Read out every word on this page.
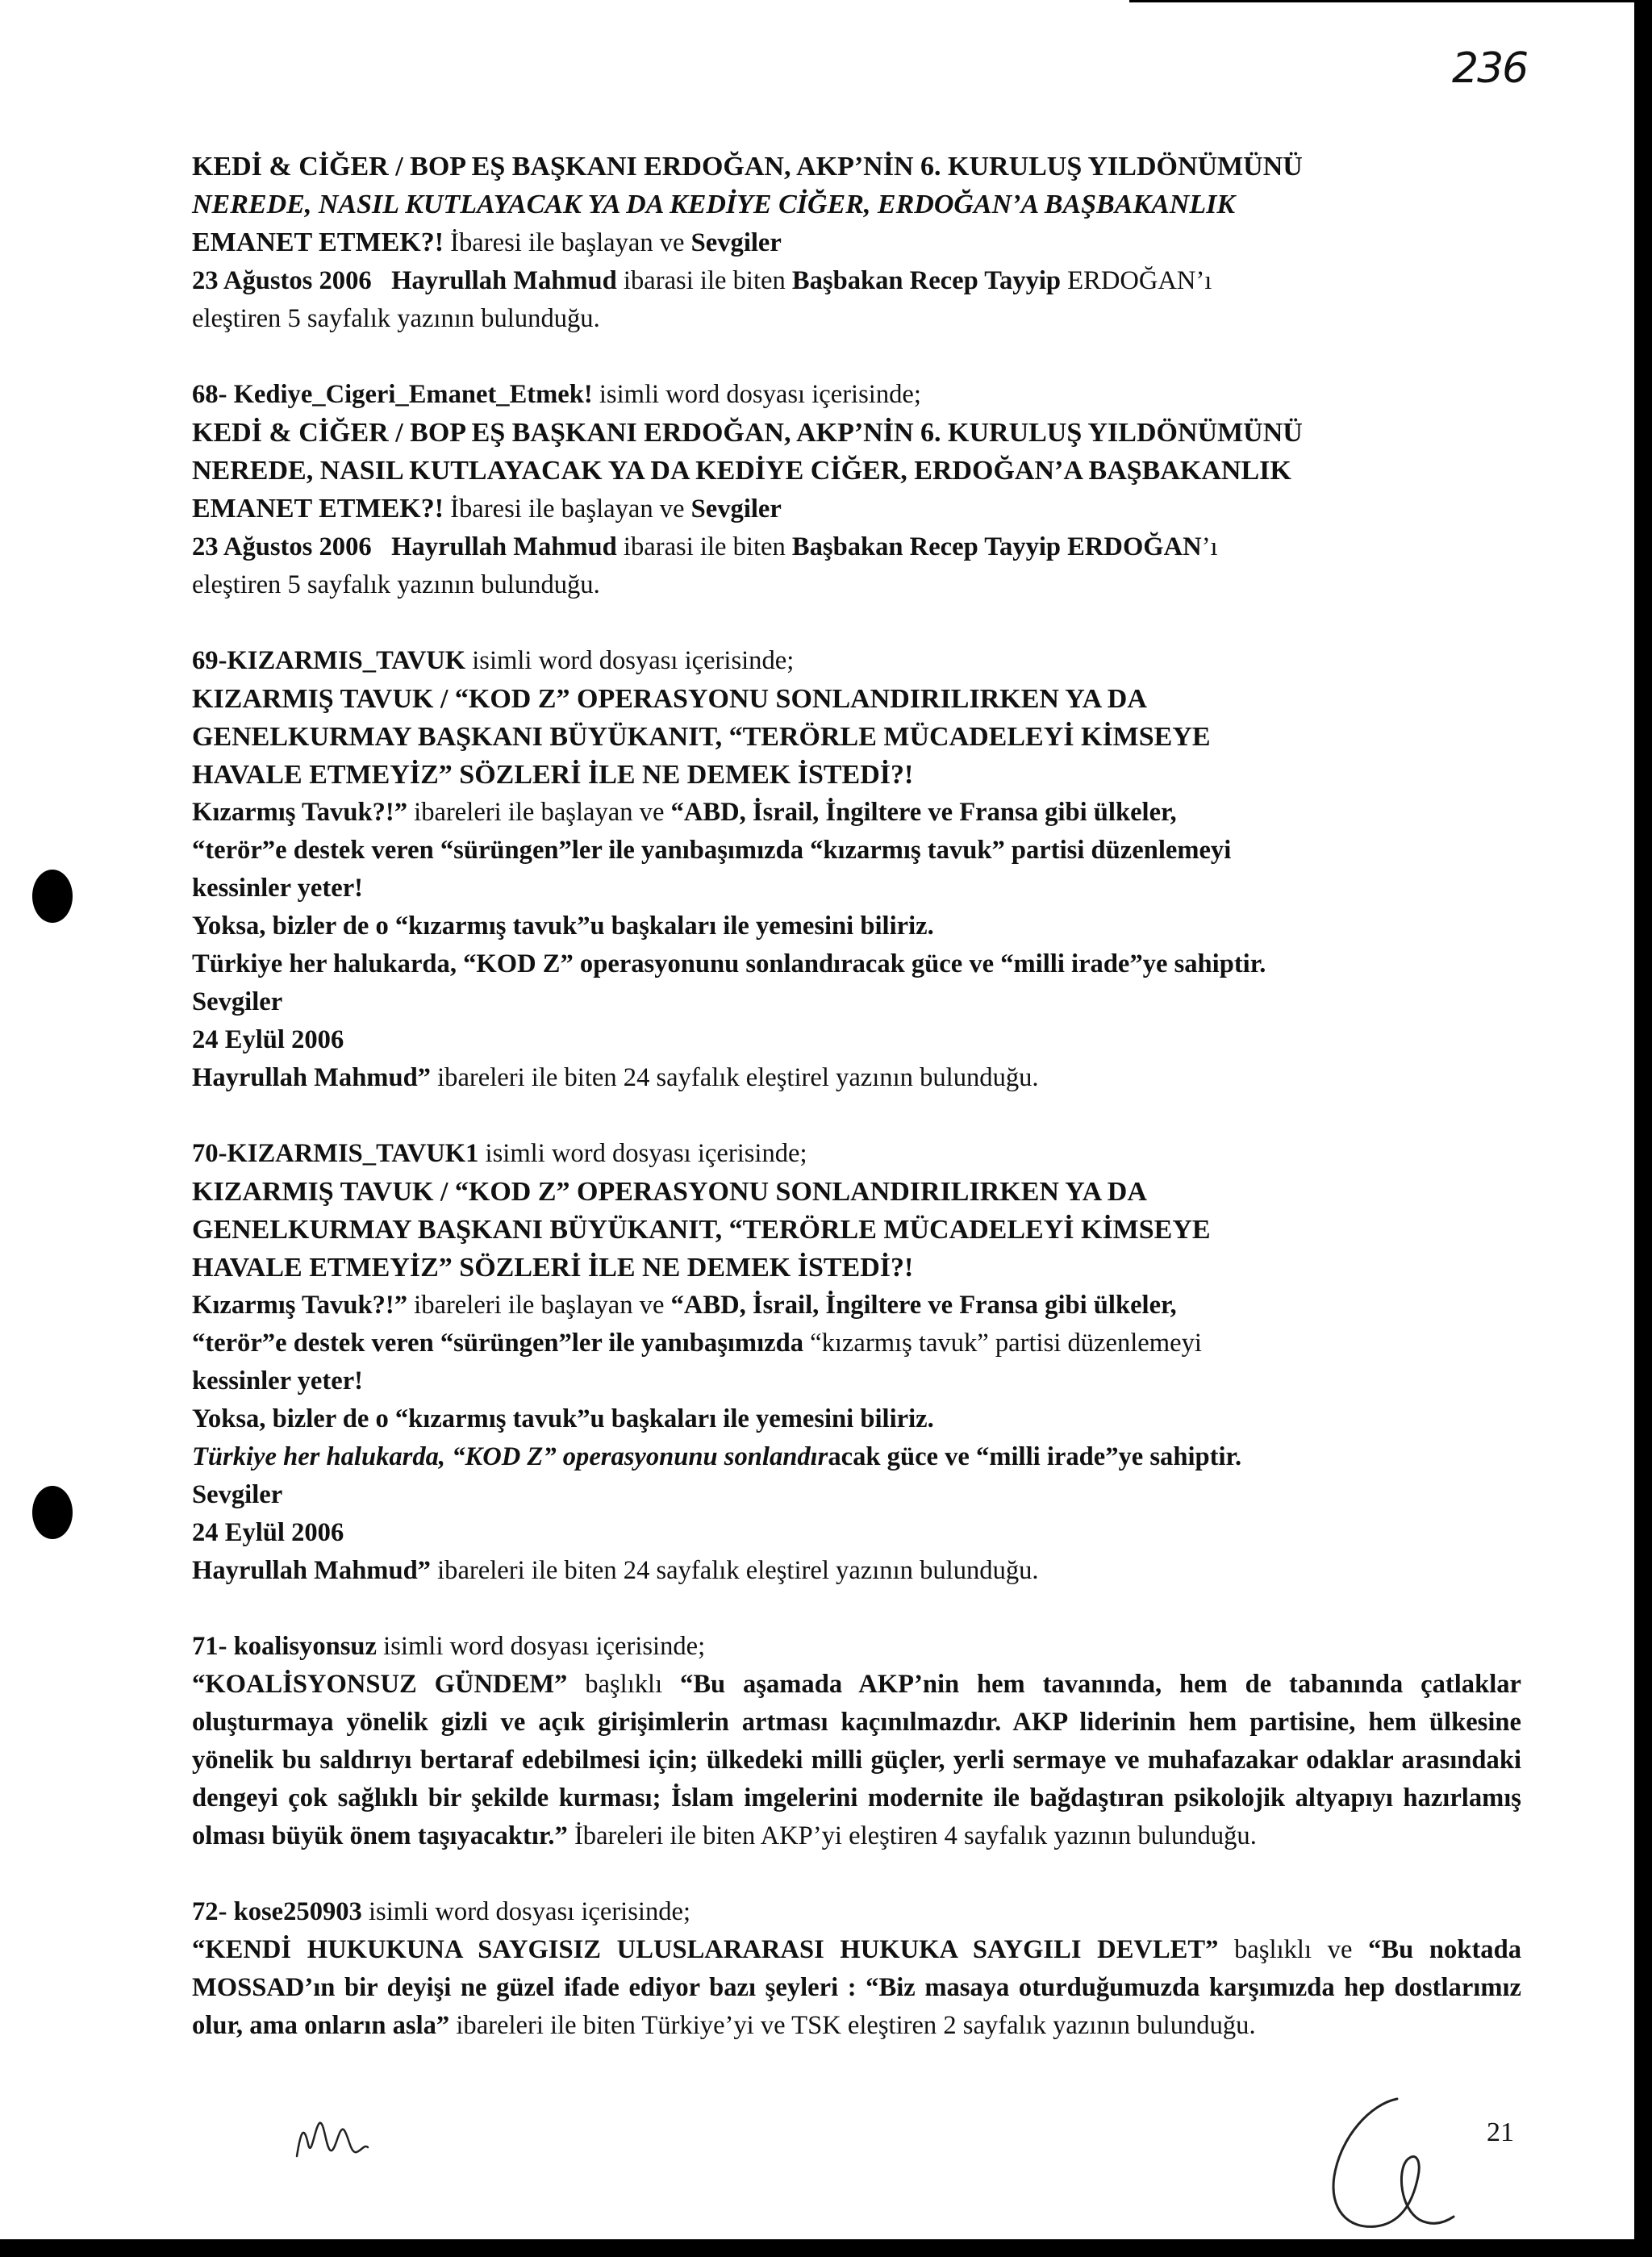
236

KEDİ & CİĞER / BOP EŞ BAŞKANI ERDOĞAN, AKP’NİN 6. KURULUŞ YILDÖNÜMÜNÜ

NEREDE, NASIL KUTLAYACAK YA DA KEDİYE CİĞER, ERDOĞAN’A BAŞBAKANLIK

EMANET ETMEK?! İbaresi ile başlayan ve Sevgiler

23 Ağustos 2006 Hayrullah Mahmud ibarasi ile biten Başbakan Recep Tayyip ERDOĞAN’ı

eleştiren 5 sayfalık yazının bulunduğu.

68- Kediye_Cigeri_Emanet_Etmek! isimli word dosyası içerisinde;

KEDİ & CİĞER / BOP EŞ BAŞKANI ERDOĞAN, AKP’NİN 6. KURULUŞ YILDÖNÜMÜNÜ

NEREDE, NASIL KUTLAYACAK YA DA KEDİYE CİĞER, ERDOĞAN’A BAŞBAKANLIK

EMANET ETMEK?! İbaresi ile başlayan ve Sevgiler

23 Ağustos 2006 Hayrullah Mahmud ibarasi ile biten Başbakan Recep Tayyip ERDOĞAN’ı

eleştiren 5 sayfalık yazının bulunduğu.

69-KIZARMIS_TAVUK isimli word dosyası içerisinde;

KIZARMIŞ TAVUK / “KOD Z” OPERASYONU SONLANDIRILIRKEN YA DA

GENELKURMAY BAŞKANI BÜYÜKANIT, “TERÖRLE MÜCADELEYİ KİMSEYE

HAVALE ETMEYİZ” SÖZLERİ İLE NE DEMEK İSTEDİ?!

Kızarmış Tavuk?!” ibareleri ile başlayan ve “ABD, İsrail, İngiltere ve Fransa gibi ülkeler,

“terör”e destek veren “sürüngen”ler ile yanıbaşımızda “kızarmış tavuk” partisi düzenlemeyi

kessinler yeter!

Yoksa, bizler de o “kızarmış tavuk”u başkaları ile yemesini biliriz.

Türkiye her halukarda, “KOD Z” operasyonunu sonlandıracak güce ve “milli irade”ye sahiptir.

Sevgiler

24 Eylül 2006

Hayrullah Mahmud” ibareleri ile biten 24 sayfalık eleştirel yazının bulunduğu.

70-KIZARMIS_TAVUK1 isimli word dosyası içerisinde;

KIZARMIŞ TAVUK / “KOD Z” OPERASYONU SONLANDIRILIRKEN YA DA

GENELKURMAY BAŞKANI BÜYÜKANIT, “TERÖRLE MÜCADELEYİ KİMSEYE

HAVALE ETMEYİZ” SÖZLERİ İLE NE DEMEK İSTEDİ?!

Kızarmış Tavuk?!” ibareleri ile başlayan ve “ABD, İsrail, İngiltere ve Fransa gibi ülkeler,

“terör”e destek veren “sürüngen”ler ile yanıbaşımızda “kızarmış tavuk” partisi düzenlemeyi

kessinler yeter!

Yoksa, bizler de o “kızarmış tavuk”u başkaları ile yemesini biliriz.

Türkiye her halukarda, “KOD Z” operasyonunu sonlandıracak güce ve “milli irade”ye sahiptir.

Sevgiler

24 Eylül 2006

Hayrullah Mahmud” ibareleri ile biten 24 sayfalık eleştirel yazının bulunduğu.

71- koalisyonsuz isimli word dosyası içerisinde;

“KOALİSYONSUZ GÜNDEM” başlıklı “Bu aşamada AKP’nin hem tavanında, hem de tabanında çatlaklar oluşturmaya yönelik gizli ve açık girişimlerin artması kaçınılmazdır. AKP liderinin hem partisine, hem ülkesine yönelik bu saldırıyı bertaraf edebilmesi için; ülkedeki milli güçler, yerli sermaye ve muhafazakar odaklar arasındaki dengeyi çok sağlıklı bir şekilde kurması; İslam imgelerini modernite ile bağdaştıran psikolojik altyapıyı hazırlamış olması büyük önem taşıyacaktır.” İbareleri ile biten AKP’yi eleştiren 4 sayfalık yazının bulunduğu.

72- kose250903 isimli word dosyası içerisinde;

“KENDİ HUKUKUNA SAYGISIZ ULUSLARARASI HUKUKA SAYGILI DEVLET” başlıklı ve “Bu noktada MOSSAD’ın bir deyişi ne güzel ifade ediyor bazı şeyleri : “Biz masaya oturduğumuzda karşımızda hep dostlarımız olur, ama onların asla” ibareleri ile biten Türkiye’yi ve TSK eleştiren 2 sayfalık yazının bulunduğu.

21
